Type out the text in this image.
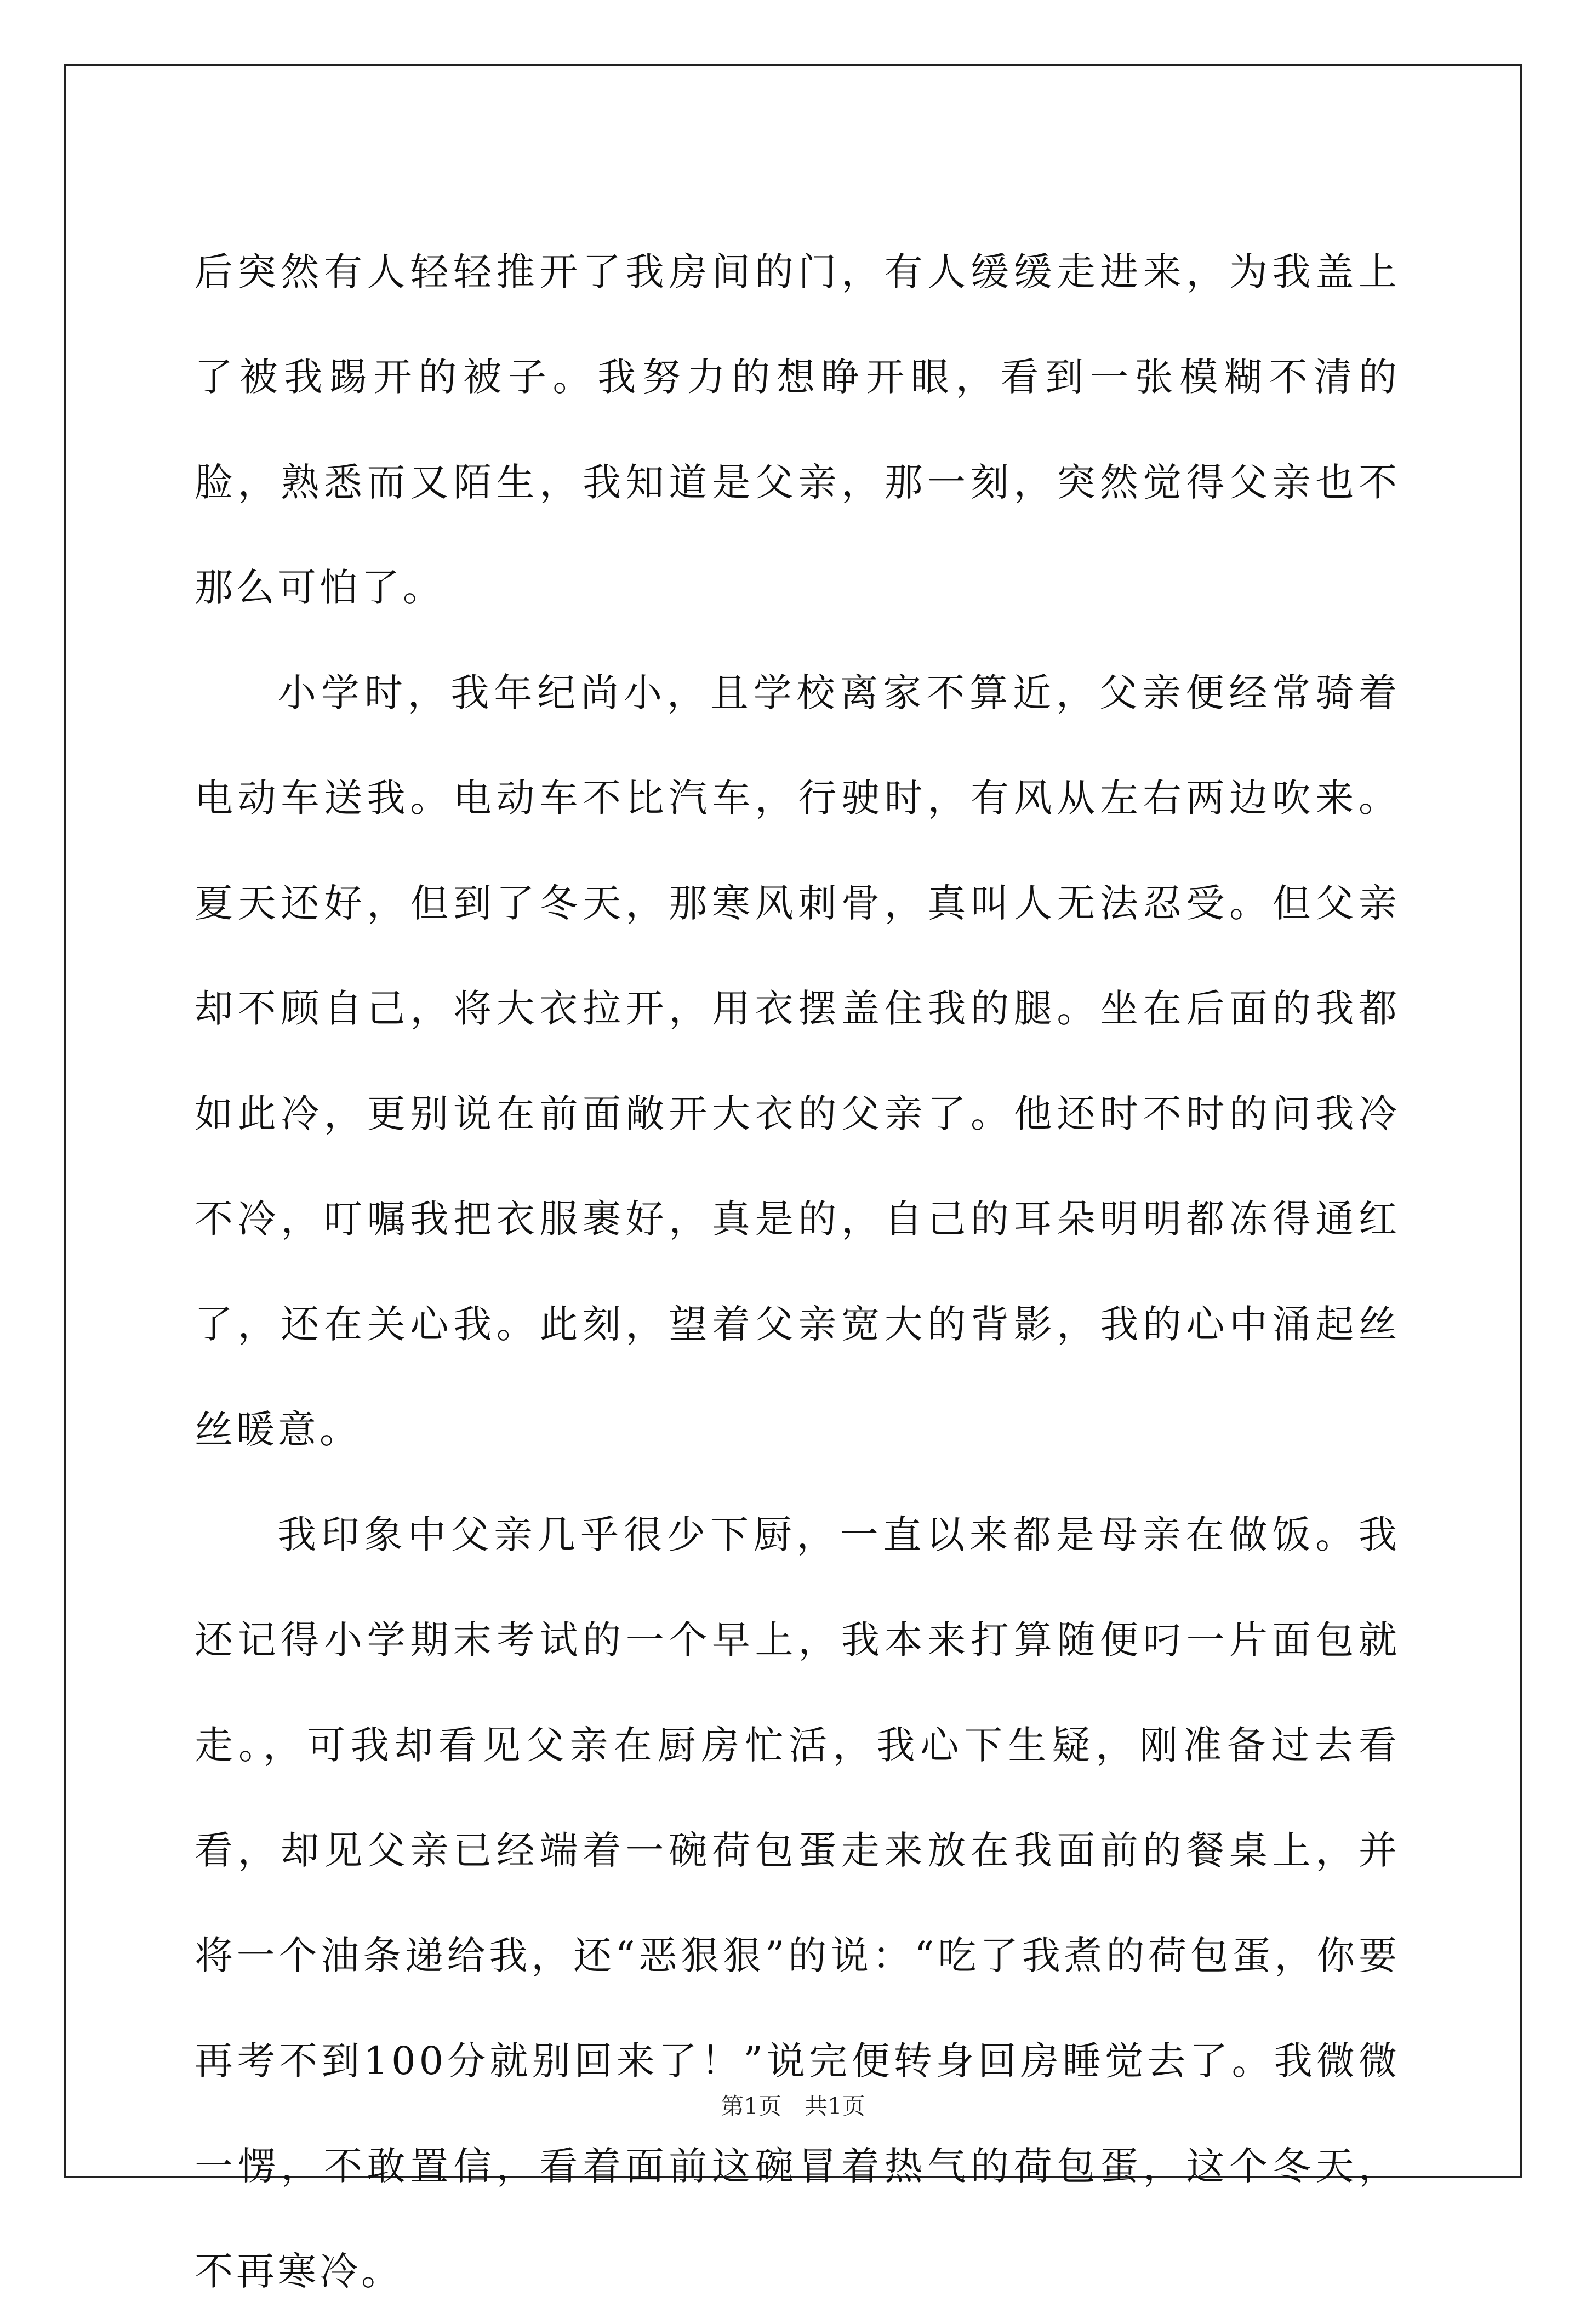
后突然有人轻轻推开了我房间的门，有人缓缓走进来，为我盖上了被我踢开的被子。我努力的想睁开眼，看到一张模糊不清的脸，熟悉而又陌生，我知道是父亲，那一刻，突然觉得父亲也不那么可怕了。

小学时，我年纪尚小，且学校离家不算近，父亲便经常骑着电动车送我。电动车不比汽车，行驶时，有风从左右两边吹来。夏天还好，但到了冬天，那寒风刺骨，真叫人无法忍受。但父亲却不顾自己，将大衣拉开，用衣摆盖住我的腿。坐在后面的我都如此冷，更别说在前面敞开大衣的父亲了。他还时不时的问我冷不冷，叮嘱我把衣服裹好，真是的，自己的耳朵明明都冻得通红了，还在关心我。此刻，望着父亲宽大的背影，我的心中涌起丝丝暖意。

我印象中父亲几乎很少下厨，一直以来都是母亲在做饭。我还记得小学期末考试的一个早上，我本来打算随便叼一片面包就走。，可我却看见父亲在厨房忙活，我心下生疑，刚准备过去看看，却见父亲已经端着一碗荷包蛋走来放在我面前的餐桌上，并将一个油条递给我，还“恶狠狠”的说：“吃了我煮的荷包蛋，你要再考不到100分就别回来了！”说完便转身回房睡觉去了。我微微一愣，不敢置信，看着面前这碗冒着热气的荷包蛋，这个冬天，不再寒冷。

第1页　共1页
